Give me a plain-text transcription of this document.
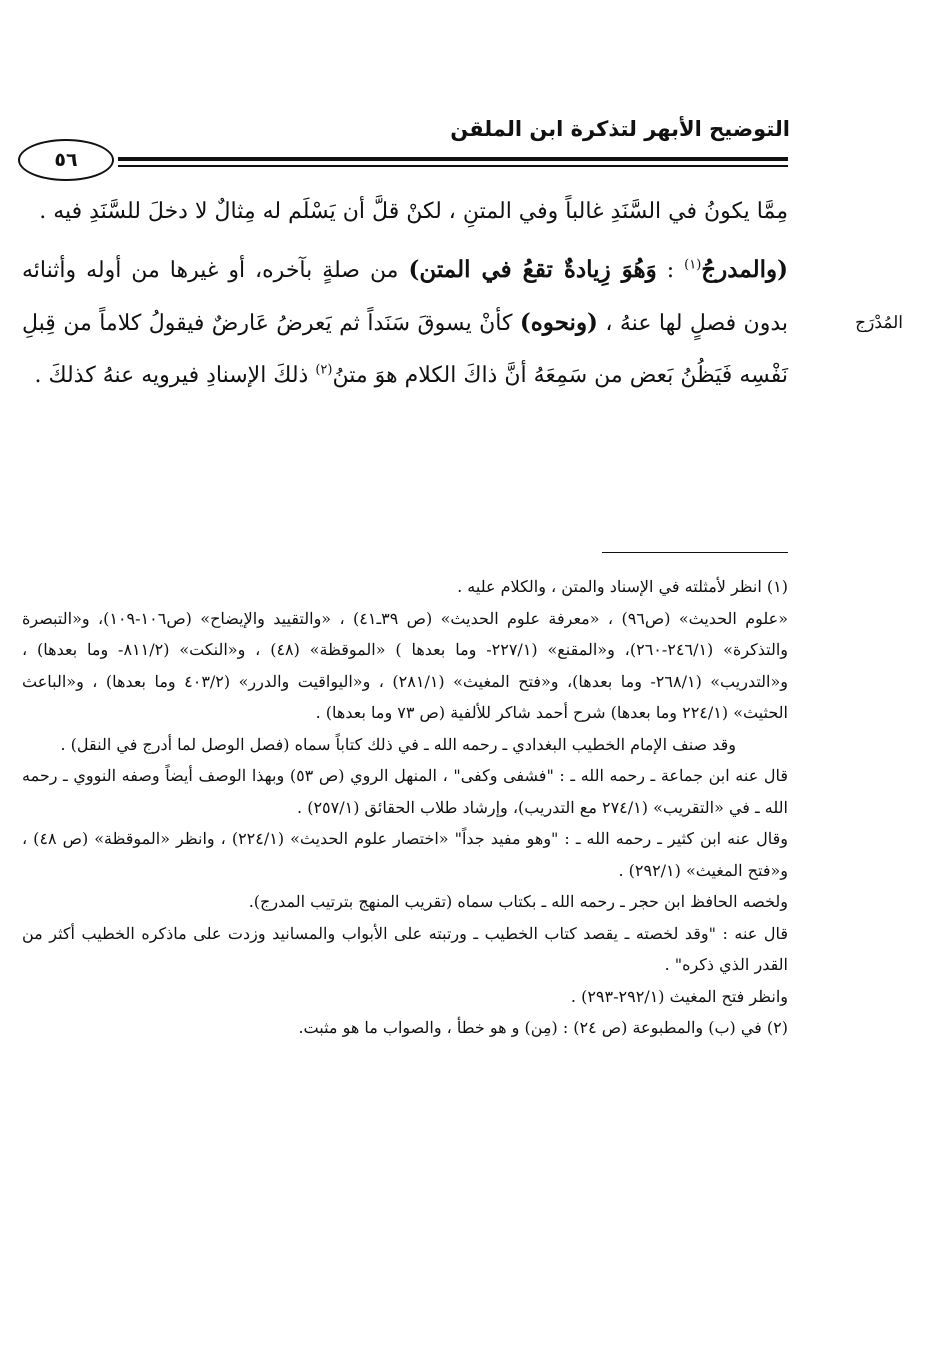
التوضيح الأبهر لتذكرة ابن الملقن
٥٦
المُدْرَج

مِمَّا يكونُ في السَّنَدِ غالباً وفي المتنِ ، لكنْ قلَّ أن يَسْلَم له مِثالٌ لا دخلَ للسَّنَدِ فيه .

(والمدرجُ$^{(١)}$ : وَهُوَ زِيادةٌ تقعُ في المتن) من صلةٍ بآخره، أو غيرها من أوله وأثنائه بدون فصلٍ لها عنهُ ، (ونحوه) كأنْ يسوقَ سَنَداً ثم يَعرضُ عَارضٌ فيقولُ كلاماً من قِبلِ نَفْسِه فَيَظُنُ بَعض من سَمِعَهُ أنَّ ذاكَ الكلام هوَ متنُ$^{(٢)}$ ذلكَ الإسنادِ فيرويه عنهُ كذلكَ .

(١) انظر لأمثلته في الإسناد والمتن ، والكلام عليه .

«علوم الحديث» (ص٩٦) ، «معرفة علوم الحديث» (ص ٣٩ـ٤١) ، «والتقييد والإيضاح» (ص١٠٦-١٠٩)، و«التبصرة والتذكرة» (٢٤٦/١-٢٦٠)، و«المقنع» (٢٢٧/١- وما بعدها ) «الموقظة» (٤٨) ، و«النكت» (٨١١/٢- وما بعدها) ، و«التدريب» (٢٦٨/١- وما بعدها)، و«فتح المغيث» (٢٨١/١) ، و«اليواقيت والدرر» (٤٠٣/٢ وما بعدها) ، و«الباعث الحثيث» (٢٢٤/١ وما بعدها) شرح أحمد شاكر للألفية (ص ٧٣ وما بعدها) .

وقد صنف الإمام الخطيب البغدادي ـ رحمه الله ـ في ذلك كتاباً سماه (فصل الوصل لما أدرج في النقل) .

قال عنه ابن جماعة ـ رحمه الله ـ : "فشفى وكفى" ، المنهل الروي (ص ٥٣) وبهذا الوصف أيضاً وصفه النووي ـ رحمه الله ـ في «التقريب» (٢٧٤/١ مع التدريب)، وإرشاد طلاب الحقائق (٢٥٧/١) .

وقال عنه ابن كثير ـ رحمه الله ـ : "وهو مفيد جداً" «اختصار علوم الحديث» (٢٢٤/١) ، وانظر «الموقظة» (ص ٤٨) ، و«فتح المغيث» (٢٩٢/١) .

ولخصه الحافظ ابن حجر ـ رحمه الله ـ بكتاب سماه (تقريب المنهج بترتيب المدرج).

قال عنه : "وقد لخصته ـ يقصد كتاب الخطيب ـ ورتبته على الأبواب والمسانيد وزدت على ماذكره الخطيب أكثر من القدر الذي ذكره" .

وانظر فتح المغيث (٢٩٢/١-٢٩٣) .

(٢) في (ب) والمطبوعة (ص ٢٤) : (مِن) و هو خطأ ، والصواب ما هو مثبت.
